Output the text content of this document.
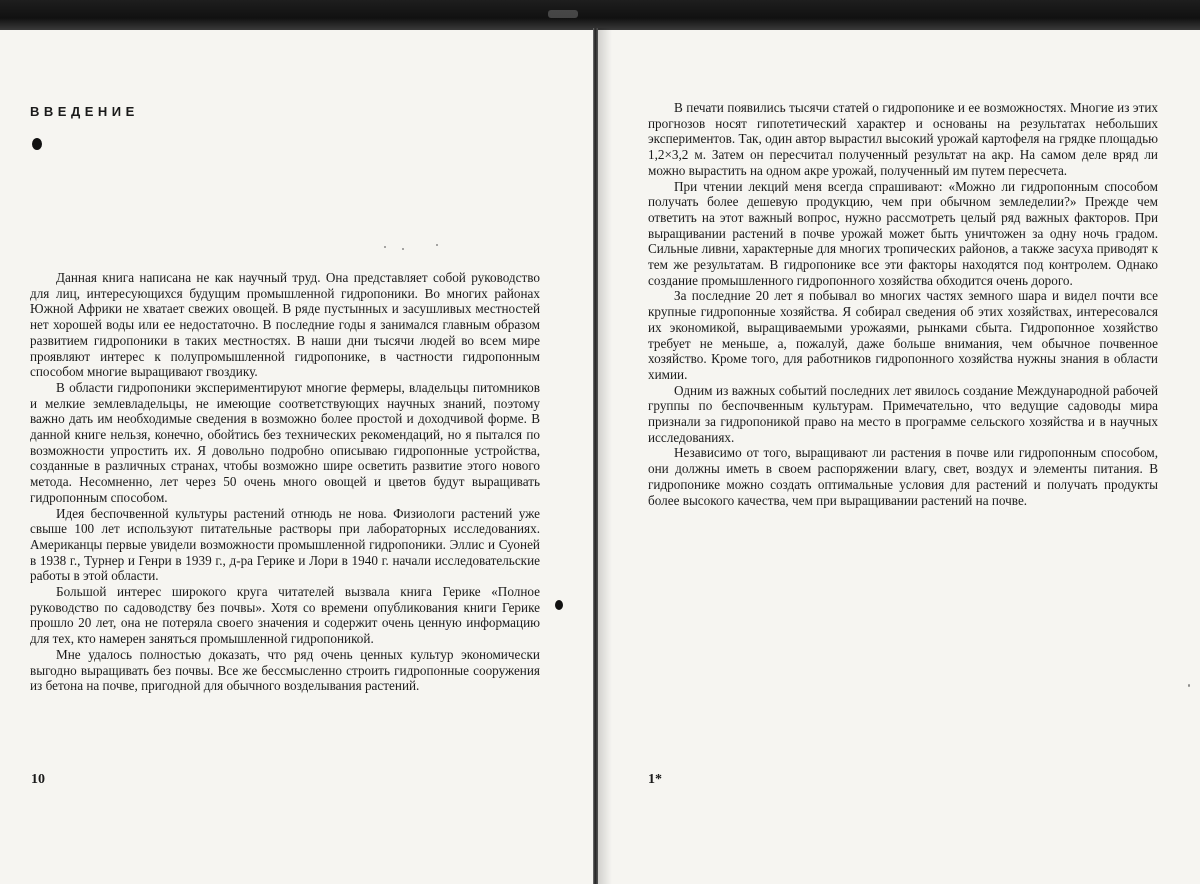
ВВЕДЕНИЕ

Данная книга написана не как научный труд. Она представляет собой руководство для лиц, интересующихся будущим промышленной гидропоники. Во многих районах Южной Африки не хватает свежих овощей. В ряде пустынных и засушливых местностей нет хорошей воды или ее недостаточно. В последние годы я занимался главным образом развитием гидропоники в таких местностях. В наши дни тысячи людей во всем мире проявляют интерес к полупромышленной гидропонике, в частности гидропонным способом многие выращивают гвоздику.

В области гидропоники экспериментируют многие фермеры, владельцы питомников и мелкие землевладельцы, не имеющие соответствующих научных знаний, поэтому важно дать им необходимые сведения в возможно более простой и доходчивой форме. В данной книге нельзя, конечно, обойтись без технических рекомендаций, но я пытался по возможности упростить их. Я довольно подробно описываю гидропонные устройства, созданные в различных странах, чтобы возможно шире осветить развитие этого нового метода. Несомненно, лет через 50 очень много овощей и цветов будут выращивать гидропонным способом.

Идея беспочвенной культуры растений отнюдь не нова. Физиологи растений уже свыше 100 лет используют питательные растворы при лабораторных исследованиях. Американцы первые увидели возможности промышленной гидропоники. Эллис и Суоней в 1938 г., Турнер и Генри в 1939 г., д-ра Герике и Лори в 1940 г. начали исследовательские работы в этой области.

Большой интерес широкого круга читателей вызвала книга Герике «Полное руководство по садоводству без почвы». Хотя со времени опубликования книги Герике прошло 20 лет, она не потеряла своего значения и содержит очень ценную информацию для тех, кто намерен заняться промышленной гидропоникой.

Мне удалось полностью доказать, что ряд очень ценных культур экономически выгодно выращивать без почвы. Все же бессмысленно строить гидропонные сооружения из бетона на почве, пригодной для обычного возделывания растений.

10

В печати появились тысячи статей о гидропонике и ее возможностях. Многие из этих прогнозов носят гипотетический характер и основаны на результатах небольших экспериментов. Так, один автор вырастил высокий урожай картофеля на грядке площадью 1,2×3,2 м. Затем он пересчитал полученный результат на акр. На самом деле вряд ли можно вырастить на одном акре урожай, полученный им путем пересчета.

При чтении лекций меня всегда спрашивают: «Можно ли гидропонным способом получать более дешевую продукцию, чем при обычном земледелии?» Прежде чем ответить на этот важный вопрос, нужно рассмотреть целый ряд важных факторов. При выращивании растений в почве урожай может быть уничтожен за одну ночь градом. Сильные ливни, характерные для многих тропических районов, а также засуха приводят к тем же результатам. В гидропонике все эти факторы находятся под контролем. Однако создание промышленного гидропонного хозяйства обходится очень дорого.

За последние 20 лет я побывал во многих частях земного шара и видел почти все крупные гидропонные хозяйства. Я собирал сведения об этих хозяйствах, интересовался их экономикой, выращиваемыми урожаями, рынками сбыта. Гидропонное хозяйство требует не меньше, а, пожалуй, даже больше внимания, чем обычное почвенное хозяйство. Кроме того, для работников гидропонного хозяйства нужны знания в области химии.

Одним из важных событий последних лет явилось создание Международной рабочей группы по беспочвенным культурам. Примечательно, что ведущие садоводы мира признали за гидропоникой право на место в программе сельского хозяйства и в научных исследованиях.

Независимо от того, выращивают ли растения в почве или гидропонным способом, они должны иметь в своем распоряжении влагу, свет, воздух и элементы питания. В гидропонике можно создать оптимальные условия для растений и получать продукты более высокого качества, чем при выращивании растений на почве.

1*
